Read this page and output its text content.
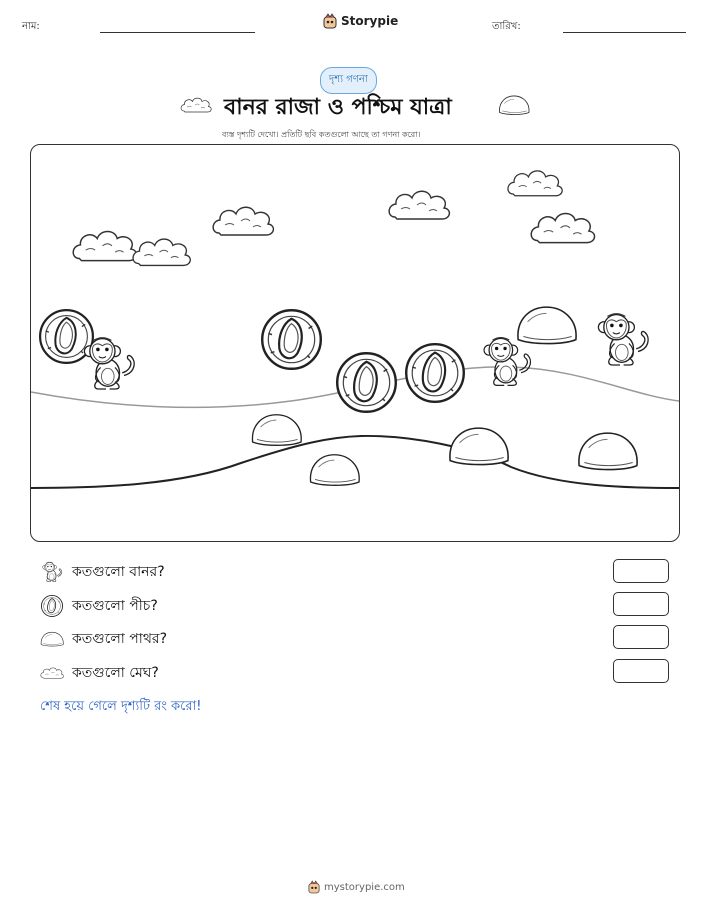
নাম:	Storypie	তারিখ:
দৃশ্য গণনা
বানর রাজা ও পশ্চিম যাত্রা
ব্যস্ত দৃশ্যটি দেখো। প্রতিটি ছবি কতগুলো আছে তা গণনা করো।
কতগুলো বানর?
কতগুলো পীচ?
কতগুলো পাথর?
কতগুলো মেঘ?
শেষ হয়ে গেলে দৃশ্যটি রং করো!
mystorypie.com
